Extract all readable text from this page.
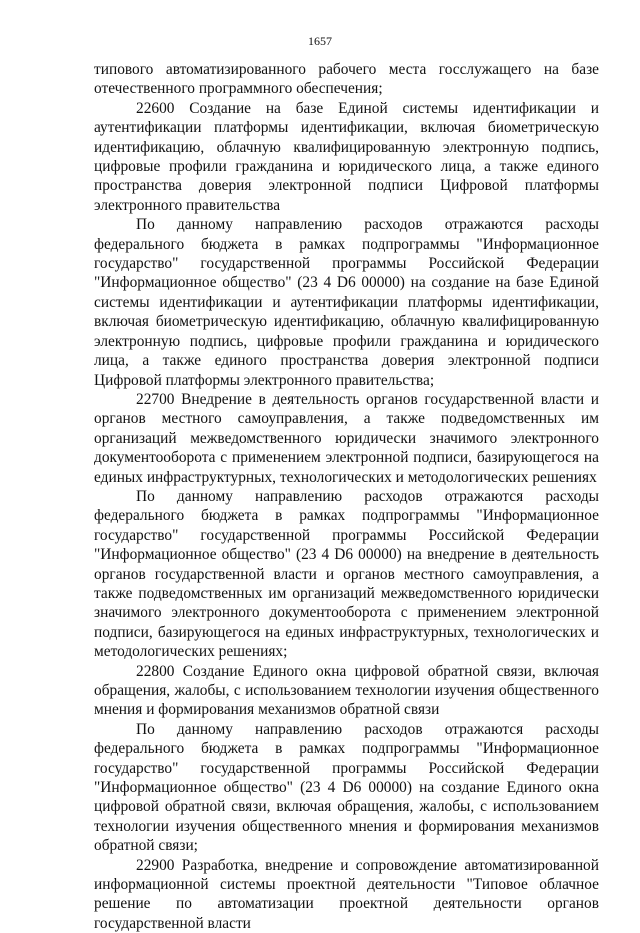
1657

типового автоматизированного рабочего места госслужащего на базе отечественного программного обеспечения;

22600 Создание на базе Единой системы идентификации и аутентификации платформы идентификации, включая биометрическую идентификацию, облачную квалифицированную электронную подпись, цифровые профили гражданина и юридического лица, а также единого пространства доверия электронной подписи Цифровой платформы электронного правительства

По данному направлению расходов отражаются расходы федерального бюджета в рамках подпрограммы "Информационное государство" государственной программы Российской Федерации "Информационное общество" (23 4 D6 00000) на создание на базе Единой системы идентификации и аутентификации платформы идентификации, включая биометрическую идентификацию, облачную квалифицированную электронную подпись, цифровые профили гражданина и юридического лица, а также единого пространства доверия электронной подписи Цифровой платформы электронного правительства;

22700 Внедрение в деятельность органов государственной власти и органов местного самоуправления, а также подведомственных им организаций межведомственного юридически значимого электронного документооборота с применением электронной подписи, базирующегося на единых инфраструктурных, технологических и методологических решениях

По данному направлению расходов отражаются расходы федерального бюджета в рамках подпрограммы "Информационное государство" государственной программы Российской Федерации "Информационное общество" (23 4 D6 00000) на внедрение в деятельность органов государственной власти и органов местного самоуправления, а также подведомственных им организаций межведомственного юридически значимого электронного документооборота с применением электронной подписи, базирующегося на единых инфраструктурных, технологических и методологических решениях;

22800 Создание Единого окна цифровой обратной связи, включая обращения, жалобы, с использованием технологии изучения общественного мнения и формирования механизмов обратной связи

По данному направлению расходов отражаются расходы федерального бюджета в рамках подпрограммы "Информационное государство" государственной программы Российской Федерации "Информационное общество" (23 4 D6 00000) на создание Единого окна цифровой обратной связи, включая обращения, жалобы, с использованием технологии изучения общественного мнения и формирования механизмов обратной связи;

22900 Разработка, внедрение и сопровождение автоматизированной информационной системы проектной деятельности "Типовое облачное решение по автоматизации проектной деятельности органов государственной власти
